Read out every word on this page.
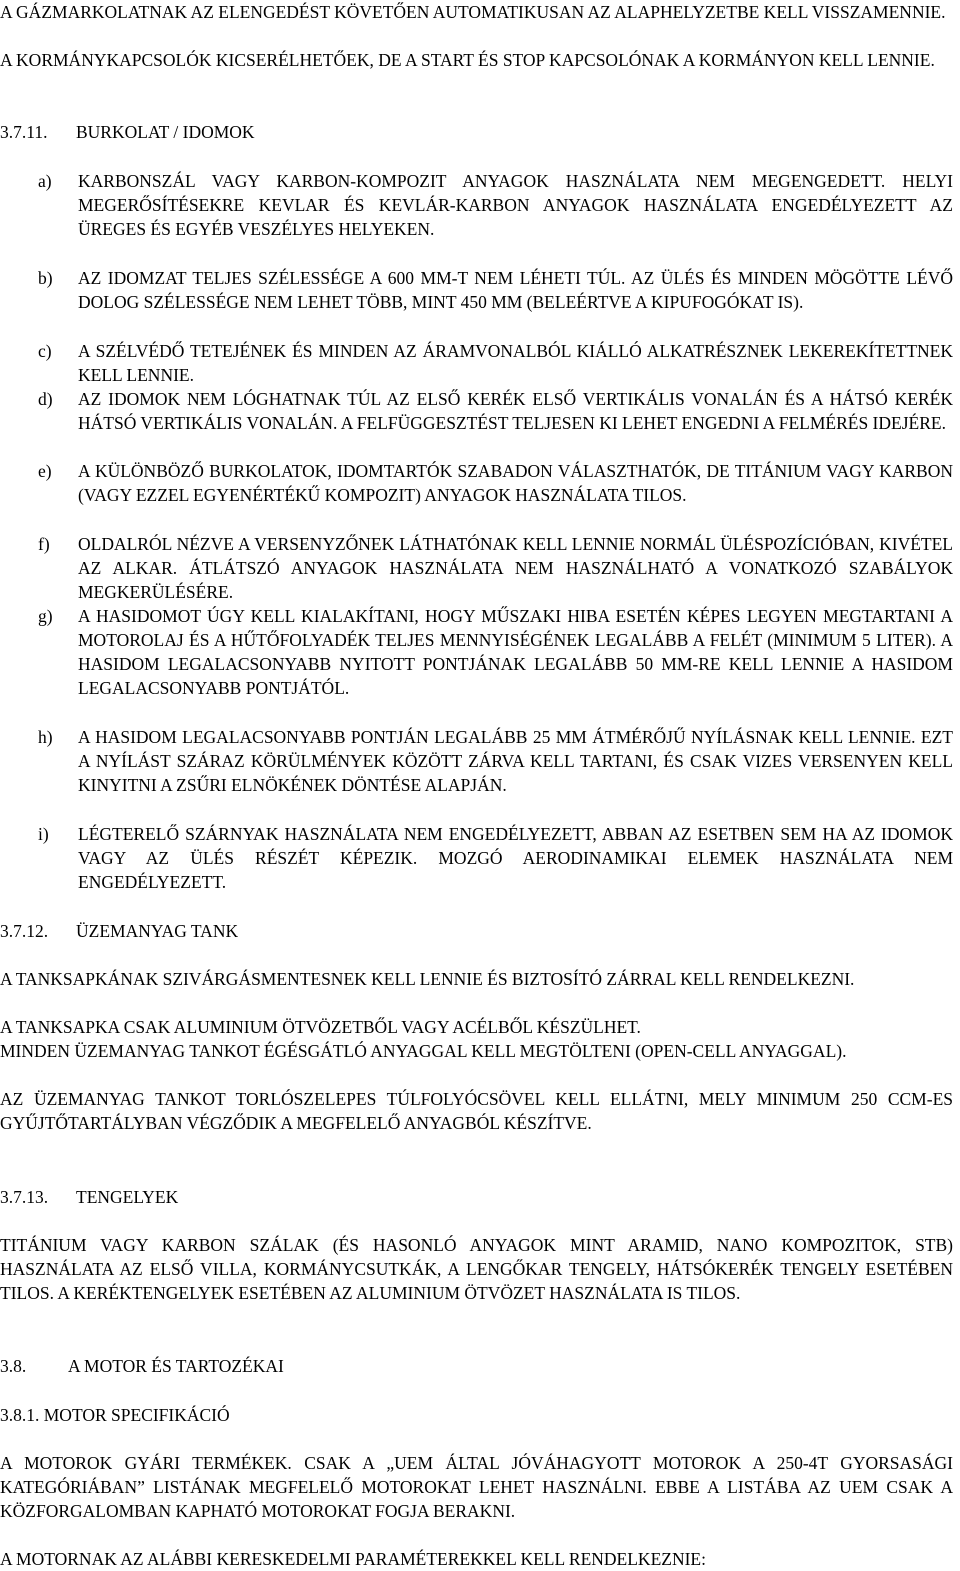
A GÁZMARKOLATNAK AZ ELENGEDÉST KÖVETŐEN AUTOMATIKUSAN AZ ALAPHELYZETBE KELL VISSZAMENNIE.

A KORMÁNYKAPCSOLÓK KICSERÉLHETŐEK, DE A START ÉS STOP KAPCSOLÓNAK A KORMÁNYON KELL LENNIE.

3.7.11. BURKOLAT / IDOMOK
a) KARBONSZÁL VAGY KARBON-KOMPOZIT ANYAGOK HASZNÁLATA NEM MEGENGEDETT. HELYI MEGERŐSÍTÉSEKRE KEVLAR ÉS KEVLÁR-KARBON ANYAGOK HASZNÁLATA ENGEDÉLYEZETT AZ ÜREGES ÉS EGYÉB VESZÉLYES HELYEKEN.
b) AZ IDOMZAT TELJES SZÉLESSÉGE A 600 MM-T NEM LÉHETI TÚL. AZ ÜLÉS ÉS MINDEN MÖGÖTTE LÉVŐ DOLOG SZÉLESSÉGE NEM LEHET TÖBB, MINT 450 MM (BELEÉRTVE A KIPUFOGÓKAT IS).
c) A SZÉLVÉDŐ TETEJÉNEK ÉS MINDEN AZ ÁRAMVONALBÓL KIÁLLÓ ALKATRÉSZNEK LEKEREKÍTETTNEK KELL LENNIE.
d) AZ IDOMOK NEM LÓGHATNAK TÚL AZ ELSŐ KERÉK ELSŐ VERTIKÁLIS VONALÁN ÉS A HÁTSÓ KERÉK HÁTSÓ VERTIKÁLIS VONALÁN. A FELFÜGGESZTÉST TELJESEN KI LEHET ENGEDNI A FELMÉRÉS IDEJÉRE.
e) A KÜLÖNBÖZŐ BURKOLATOK, IDOMTARTÓK SZABADON VÁLASZTHATÓK, DE TITÁNIUM VAGY KARBON (VAGY EZZEL EGYENÉRTÉKŰ KOMPOZIT) ANYAGOK HASZNÁLATA TILOS.
f) OLDALRÓL NÉZVE A VERSENYZŐNEK LÁTHATÓNAK KELL LENNIE NORMÁL ÜLÉSPOZÍCIÓBAN, KIVÉTEL AZ ALKAR. ÁTLÁTSZÓ ANYAGOK HASZNÁLATA NEM HASZNÁLHATÓ A VONATKOZÓ SZABÁLYOK MEGKERÜLÉSÉRE.
g) A HASIDOMOT ÚGY KELL KIALAKÍTANI, HOGY MŰSZAKI HIBA ESETÉN KÉPES LEGYEN MEGTARTANI A MOTOROLAJ ÉS A HŰTŐFOLYADÉK TELJES MENNYISÉGÉNEK LEGALÁBB A FELÉT (MINIMUM 5 LITER). A HASIDOM LEGALACSONYABB NYITOTT PONTJÁNAK LEGALÁBB 50 MM-RE KELL LENNIE A HASIDOM LEGALACSONYABB PONTJÁTÓL.
h) A HASIDOM LEGALACSONYABB PONTJÁN LEGALÁBB 25 MM ÁTMÉRŐJŰ NYÍLÁSNAK KELL LENNIE. EZT A NYÍLÁST SZÁRAZ KÖRÜLMÉNYEK KÖZÖTT ZÁRVA KELL TARTANI, ÉS CSAK VIZES VERSENYEN KELL KINYITNI A ZSŰRI ELNÖKÉNEK DÖNTÉSE ALAPJÁN.
i) LÉGTERELŐ SZÁRNYAK HASZNÁLATA NEM ENGEDÉLYEZETT, ABBAN AZ ESETBEN SEM HA AZ IDOMOK VAGY AZ ÜLÉS RÉSZÉT KÉPEZIK. MOZGÓ AERODINAMIKAI ELEMEK HASZNÁLATA NEM ENGEDÉLYEZETT.
3.7.12. ÜZEMANYAG TANK

A TANKSAPKÁNAK SZIVÁRGÁSMENTESNEK KELL LENNIE ÉS BIZTOSÍTÓ ZÁRRAL KELL RENDELKEZNI.

A TANKSAPKA CSAK ALUMINIUM ÖTVÖZETBŐL VAGY ACÉLBŐL KÉSZÜLHET.

MINDEN ÜZEMANYAG TANKOT ÉGÉSGÁTLÓ ANYAGGAL KELL MEGTÖLTENI (OPEN-CELL ANYAGGAL).

AZ ÜZEMANYAG TANKOT TORLÓSZELEPES TÚLFOLYÓCSÖVEL KELL ELLÁTNI, MELY MINIMUM 250 CCM-ES GYŰJTŐTARTÁLYBAN VÉGZŐDIK A MEGFELELŐ ANYAGBÓL KÉSZÍTVE.

3.7.13. TENGELYEK

TITÁNIUM VAGY KARBON SZÁLAK (ÉS HASONLÓ ANYAGOK MINT ARAMID, NANO KOMPOZITOK, STB) HASZNÁLATA AZ ELSŐ VILLA, KORMÁNYCSUTKÁK, A LENGŐKAR TENGELY, HÁTSÓKERÉK TENGELY ESETÉBEN TILOS. A KERÉKTENGELYEK ESETÉBEN AZ ALUMINIUM ÖTVÖZET HASZNÁLATA IS TILOS.

3.8. A MOTOR ÉS TARTOZÉKAI
3.8.1. MOTOR SPECIFIKÁCIÓ

A MOTOROK GYÁRI TERMÉKEK. CSAK A „UEM ÁLTAL JÓVÁHAGYOTT MOTOROK A 250-4T GYORSASÁGI KATEGÓRIÁBAN” LISTÁNAK MEGFELELŐ MOTOROKAT LEHET HASZNÁLNI. EBBE A LISTÁBA AZ UEM CSAK A KÖZFORGALOMBAN KAPHATÓ MOTOROKAT FOGJA BERAKNI.

A MOTORNAK AZ ALÁBBI KERESKEDELMI PARAMÉTEREKKEL KELL RENDELKEZNIE:
